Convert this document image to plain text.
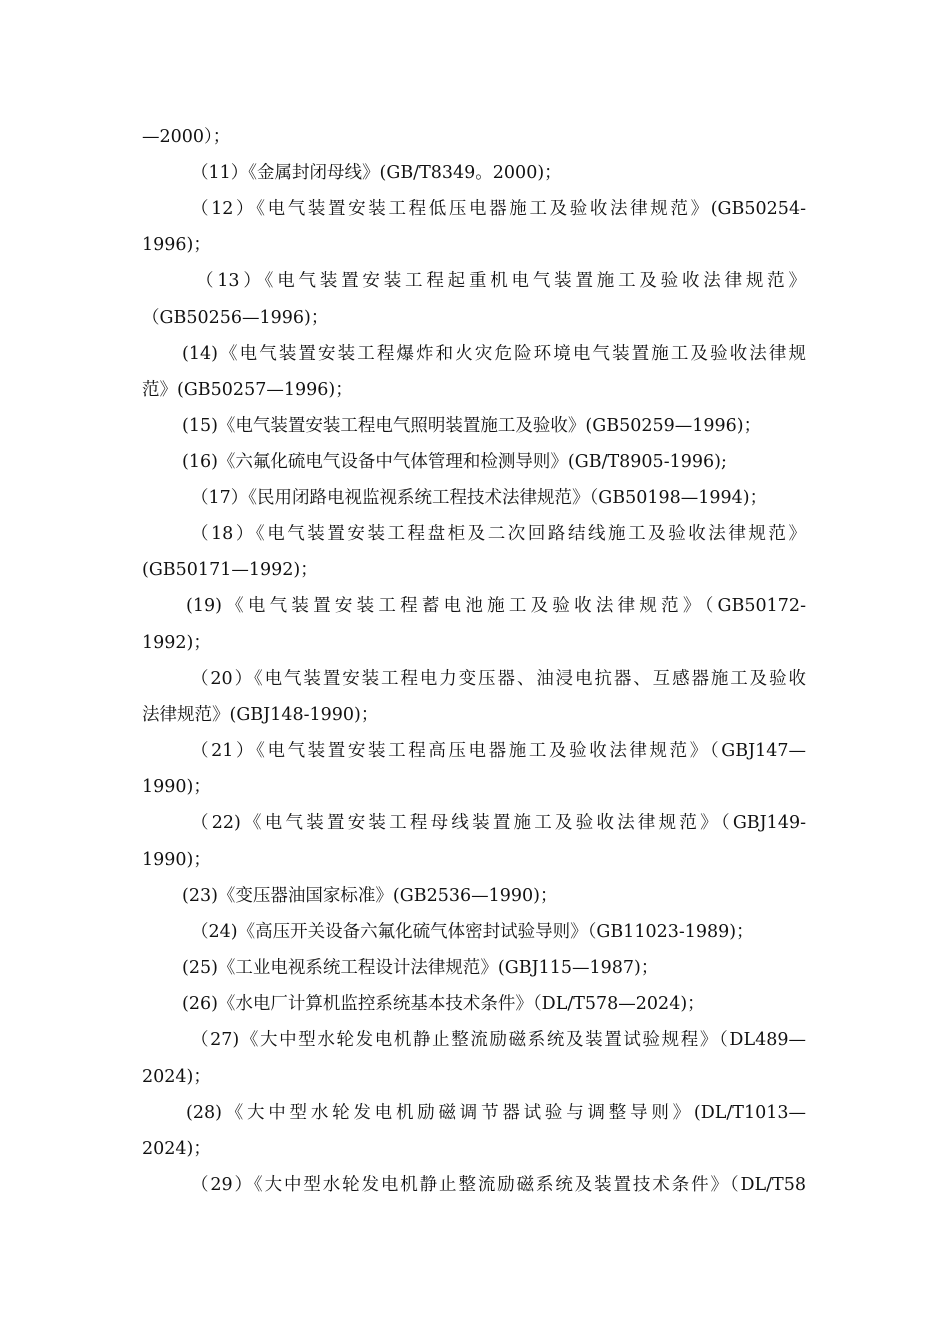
—2000）；
（11）《金属封闭母线》(GB/T8349。2000)；
（12）《电气装置安装工程低压电器施工及验收法律规范》(GB50254-
1996)；
（13）《电气装置安装工程起重机电气装置施工及验收法律规范》
（GB50256—1996)；
(14)《电气装置安装工程爆炸和火灾危险环境电气装置施工及验收法律规
范》(GB50257—1996)；
(15)《电气装置安装工程电气照明装置施工及验收》(GB50259—1996)；
(16)《六氟化硫电气设备中气体管理和检测导则》(GB/T8905-1996);
（17）《民用闭路电视监视系统工程技术法律规范》（GB50198—1994)；
（18）《电气装置安装工程盘柜及二次回路结线施工及验收法律规范》
(GB50171—1992)；
(19)《电气装置安装工程蓄电池施工及验收法律规范》（GB50172-
1992)；
（20）《电气装置安装工程电力变压器、油浸电抗器、互感器施工及验收
法律规范》(GBJ148-1990)；
（21）《电气装置安装工程高压电器施工及验收法律规范》（GBJ147—
1990)；
（22)《电气装置安装工程母线装置施工及验收法律规范》（GBJ149-
1990)；
(23)《变压器油国家标准》(GB2536—1990)；
（24)《高压开关设备六氟化硫气体密封试验导则》（GB11023-1989)；
(25)《工业电视系统工程设计法律规范》(GBJ115—1987)；
(26)《水电厂计算机监控系统基本技术条件》（DL/T578—2024)；
（27)《大中型水轮发电机静止整流励磁系统及装置试验规程》（DL489—
2024)；
(28)《大中型水轮发电机励磁调节器试验与调整导则》(DL/T1013—
2024)；
（29）《大中型水轮发电机静止整流励磁系统及装置技术条件》（DL/T58
